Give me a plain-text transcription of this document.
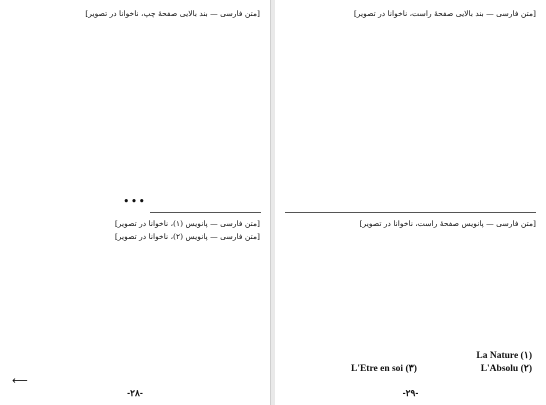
[متن فارسی — بند بالایی صفحهٔ چپ، ناخوانا در تصویر]

•••

[متن فارسی — پانویس (۱)، ناخوانا در تصویر]

[متن فارسی — پانویس (۲)، ناخوانا در تصویر]

⟵
-۲۸-

[متن فارسی — بند بالایی صفحهٔ راست، ناخوانا در تصویر]

[متن فارسی — پانویس صفحهٔ راست، ناخوانا در تصویر]

La Nature (۱)
L'Absolu (۲)
L'Etre en soi (۳)
-۲۹-
